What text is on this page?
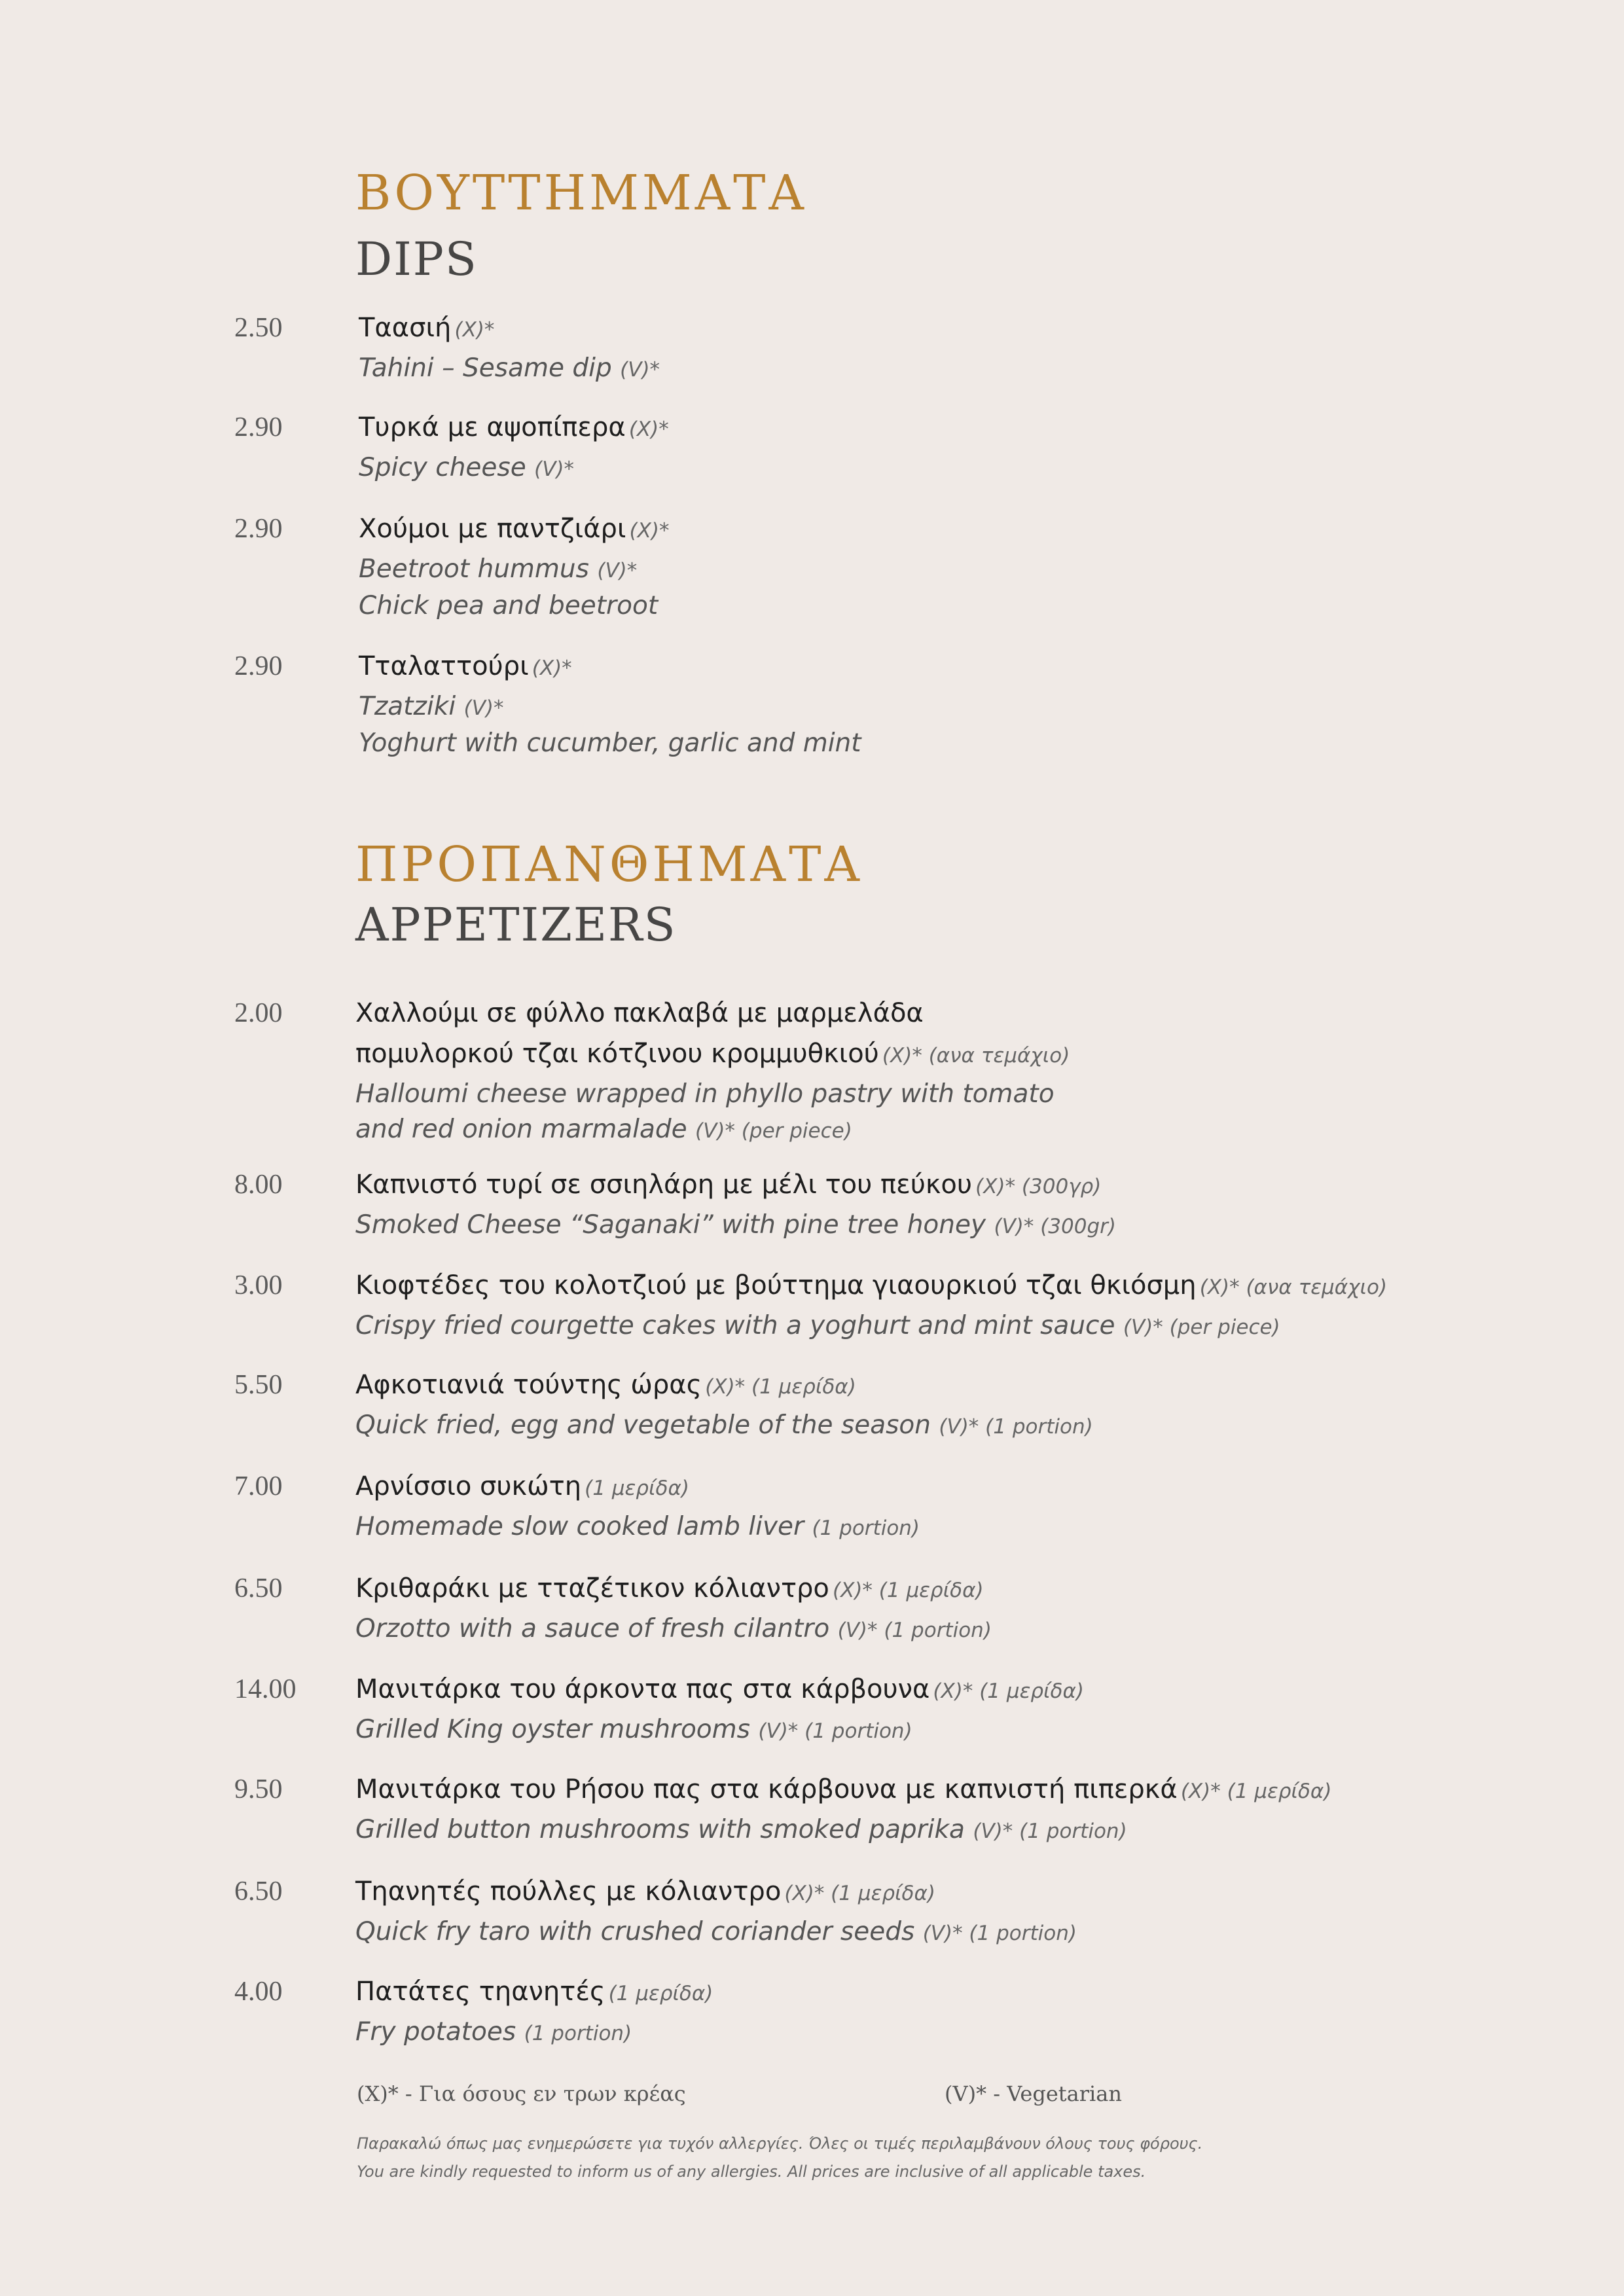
ΒΟΥΤΤΗΜΜΑΤΑ
DIPS
2.50	Ταασιή (X)*
Tahini – Sesame dip (V)*
2.90	Τυρκά με αψοπίπερα (X)*
Spicy cheese (V)*
2.90	Χούμοι με παντζιάρι (X)*
Beetroot hummus (V)*
Chick pea and beetroot
2.90	Τταλαττούρι (X)*
Tzatziki (V)*
Yoghurt with cucumber, garlic and mint
ΠΡΟΠΑΝΘΗΜΑΤΑ
APPETIZERS
2.00	Χαλλούμι σε φύλλο πακλαβά με μαρμελάδα
πομυλορκού τζαι κότζινου κρομμυθκιού (X)* (ανα τεμάχιο)
Halloumi cheese wrapped in phyllo pastry with tomato
and red onion marmalade (V)* (per piece)
8.00	Καπνιστό τυρί σε σσιηλάρη με μέλι του πεύκου (X)* (300γρ)
Smoked Cheese “Saganaki” with pine tree honey (V)* (300gr)
3.00	Κιοφτέδες του κολοτζιού με βούττημα γιαουρκιού τζαι θκιόσμη (X)* (ανα τεμάχιο)
Crispy fried courgette cakes with a yoghurt and mint sauce (V)* (per piece)
5.50	Αφκοτιανιά τούντης ώρας (X)* (1 μερίδα)
Quick fried, egg and vegetable of the season (V)* (1 portion)
7.00	Αρνίσσιο συκώτη (1 μερίδα)
Homemade slow cooked lamb liver (1 portion)
6.50	Κριθαράκι με τταζέτικον κόλιαντρο (X)* (1 μερίδα)
Orzotto with a sauce of fresh cilantro (V)* (1 portion)
14.00 Μανιτάρκα του άρκοντα πας στα κάρβουνα (X)* (1 μερίδα)
Grilled King oyster mushrooms (V)* (1 portion)
9.50	Μανιτάρκα του Ρήσου πας στα κάρβουνα με καπνιστή πιπερκά (X)* (1 μερίδα)
Grilled button mushrooms with smoked paprika (V)* (1 portion)
6.50	Τηανητές πούλλες με κόλιαντρο (X)* (1 μερίδα)
Quick fry taro with crushed coriander seeds (V)* (1 portion)
4.00	Πατάτες τηανητές (1 μερίδα)
Fry potatoes (1 portion)
(X)* - Για όσους εν τρων κρέας	(V)* - Vegetarian
Παρακαλώ όπως μας ενημερώσετε για τυχόν αλλεργίες. Όλες οι τιμές περιλαμβάνουν όλους τους φόρους.
You are kindly requested to inform us of any allergies. All prices are inclusive of all applicable taxes.
